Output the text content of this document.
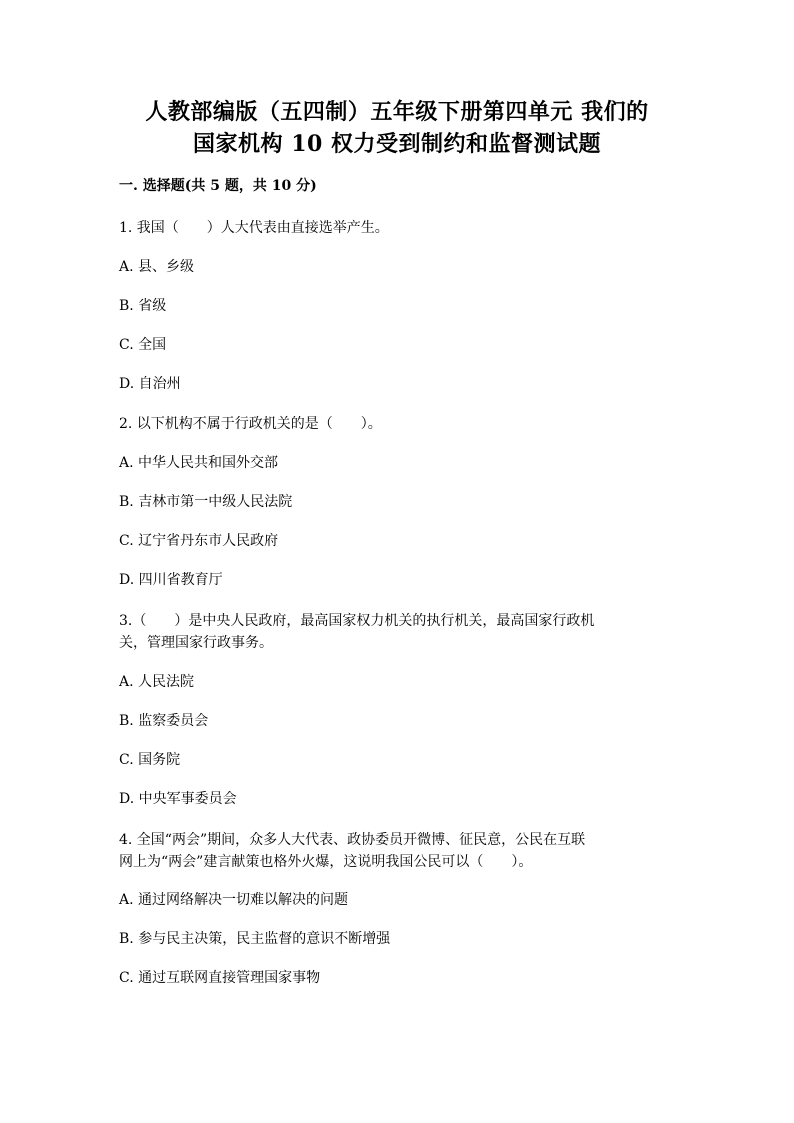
人教部编版（五四制）五年级下册第四单元 我们的
国家机构 10 权力受到制约和监督测试题
一. 选择题(共 5 题，共 10 分)
1. 我国（　　）人大代表由直接选举产生。
A. 县、乡级
B. 省级
C. 全国
D. 自治州
2. 以下机构不属于行政机关的是（　　）。
A. 中华人民共和国外交部
B. 吉林市第一中级人民法院
C. 辽宁省丹东市人民政府
D. 四川省教育厅
3.（　　）是中央人民政府，最高国家权力机关的执行机关，最高国家行政机
关，管理国家行政事务。
A. 人民法院
B. 监察委员会
C. 国务院
D. 中央军事委员会
4. 全国“两会”期间，众多人大代表、政协委员开微博、征民意，公民在互联
网上为“两会”建言献策也格外火爆，这说明我国公民可以（　　）。
A. 通过网络解决一切难以解决的问题
B. 参与民主决策，民主监督的意识不断增强
C. 通过互联网直接管理国家事物
